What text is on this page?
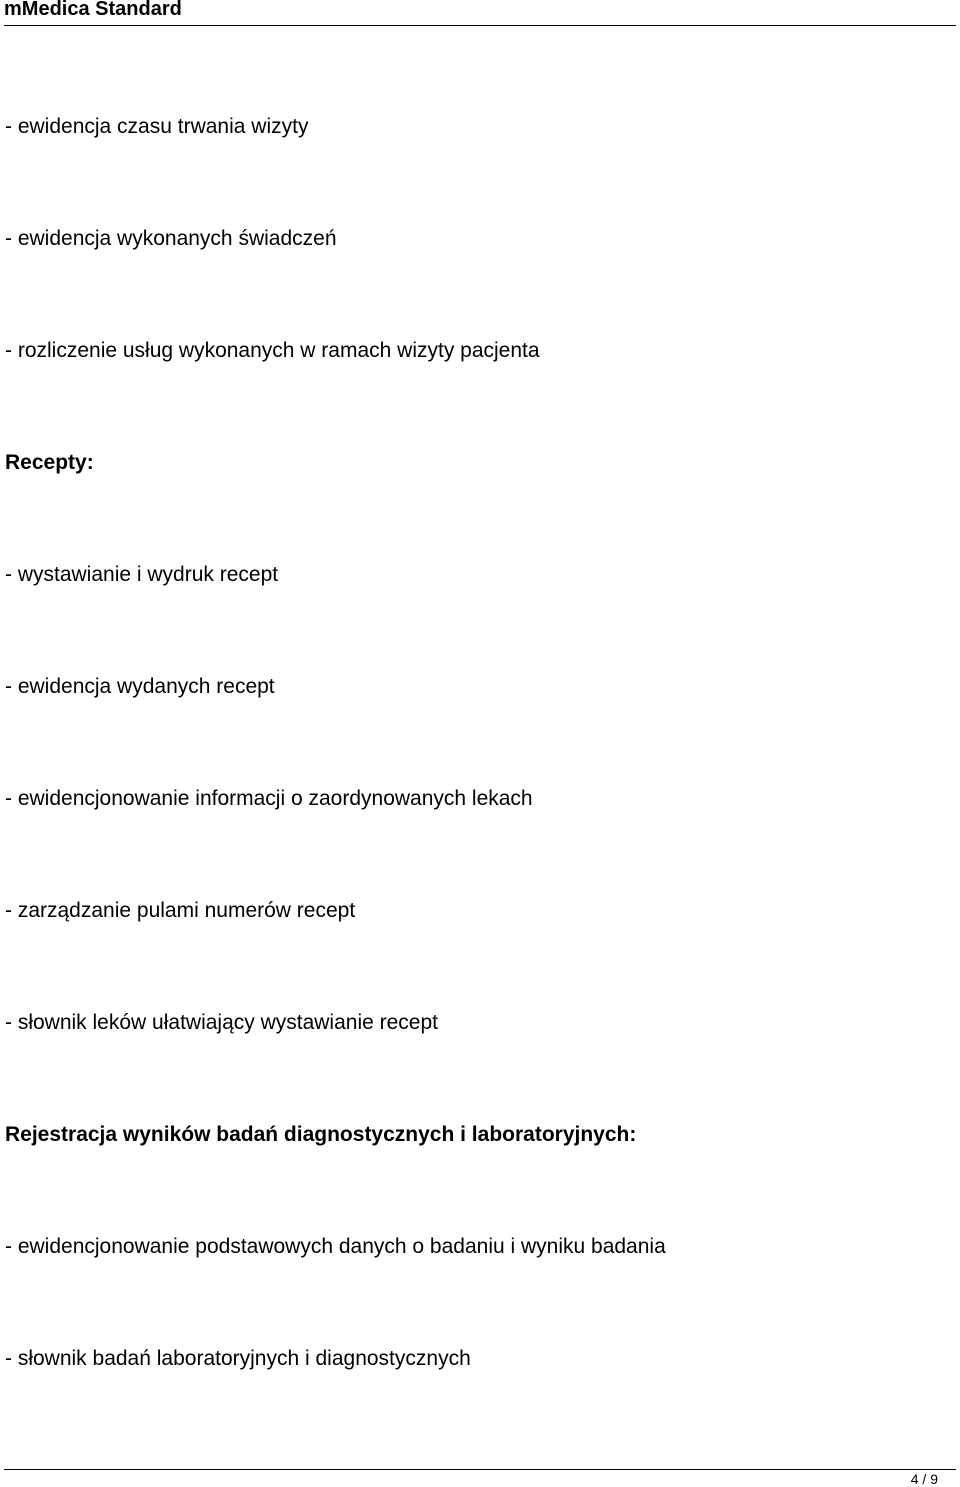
mMedica Standard
- ewidencja czasu trwania wizyty
- ewidencja wykonanych świadczeń
- rozliczenie usług wykonanych w ramach wizyty pacjenta
Recepty:
- wystawianie i wydruk recept
- ewidencja wydanych recept
- ewidencjonowanie informacji o zaordynowanych lekach
- zarządzanie pulami numerów recept
- słownik leków ułatwiający wystawianie recept
Rejestracja wyników badań diagnostycznych i laboratoryjnych:
- ewidencjonowanie podstawowych danych o badaniu i wyniku badania
- słownik badań laboratoryjnych i diagnostycznych
4 / 9
